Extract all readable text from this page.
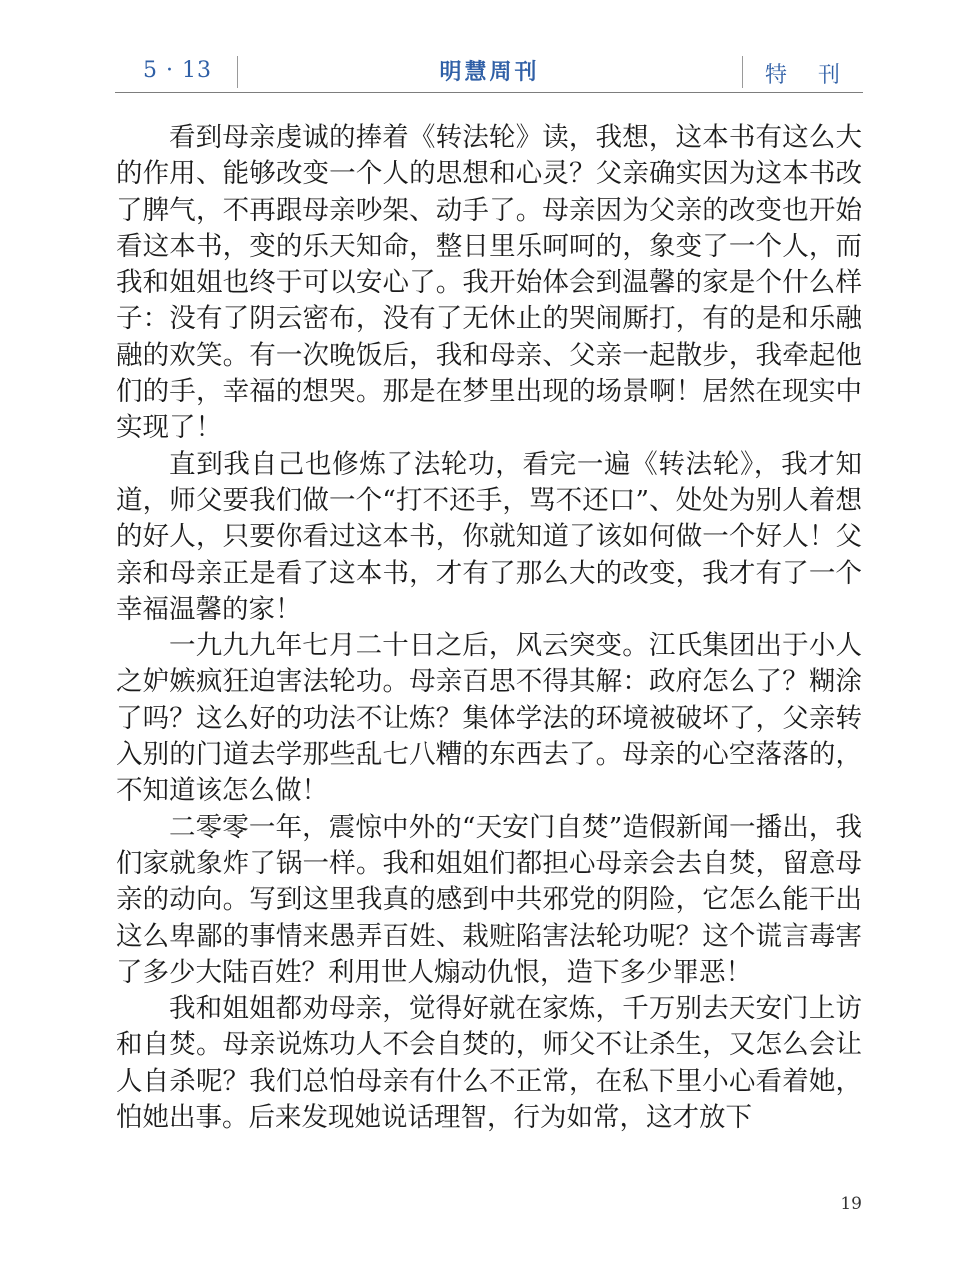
5 · 13	明慧周刊	特 刊

看到母亲虔诚的捧着《转法轮》读，我想，这本书有这么大的作用、能够改变一个人的思想和心灵？父亲确实因为这本书改了脾气，不再跟母亲吵架、动手了。母亲因为父亲的改变也开始看这本书，变的乐天知命，整日里乐呵呵的，象变了一个人，而我和姐姐也终于可以安心了。我开始体会到温馨的家是个什么样子：没有了阴云密布，没有了无休止的哭闹厮打，有的是和乐融融的欢笑。有一次晚饭后，我和母亲、父亲一起散步，我牵起他们的手，幸福的想哭。那是在梦里出现的场景啊！居然在现实中实现了！

直到我自己也修炼了法轮功，看完一遍《转法轮》，我才知道，师父要我们做一个“打不还手，骂不还口”、处处为别人着想的好人，只要你看过这本书，你就知道了该如何做一个好人！父亲和母亲正是看了这本书，才有了那么大的改变，我才有了一个幸福温馨的家！

一九九九年七月二十日之后，风云突变。江氏集团出于小人之妒嫉疯狂迫害法轮功。母亲百思不得其解：政府怎么了？糊涂了吗？这么好的功法不让炼？集体学法的环境被破坏了，父亲转入别的门道去学那些乱七八糟的东西去了。母亲的心空落落的，不知道该怎么做！

二零零一年，震惊中外的“天安门自焚”造假新闻一播出，我们家就象炸了锅一样。我和姐姐们都担心母亲会去自焚，留意母亲的动向。写到这里我真的感到中共邪党的阴险，它怎么能干出这么卑鄙的事情来愚弄百姓、栽赃陷害法轮功呢？这个谎言毒害了多少大陆百姓？利用世人煽动仇恨，造下多少罪恶！

我和姐姐都劝母亲，觉得好就在家炼，千万别去天安门上访和自焚。母亲说炼功人不会自焚的，师父不让杀生，又怎么会让人自杀呢？我们总怕母亲有什么不正常，在私下里小心看着她，怕她出事。后来发现她说话理智，行为如常，这才放下

19
